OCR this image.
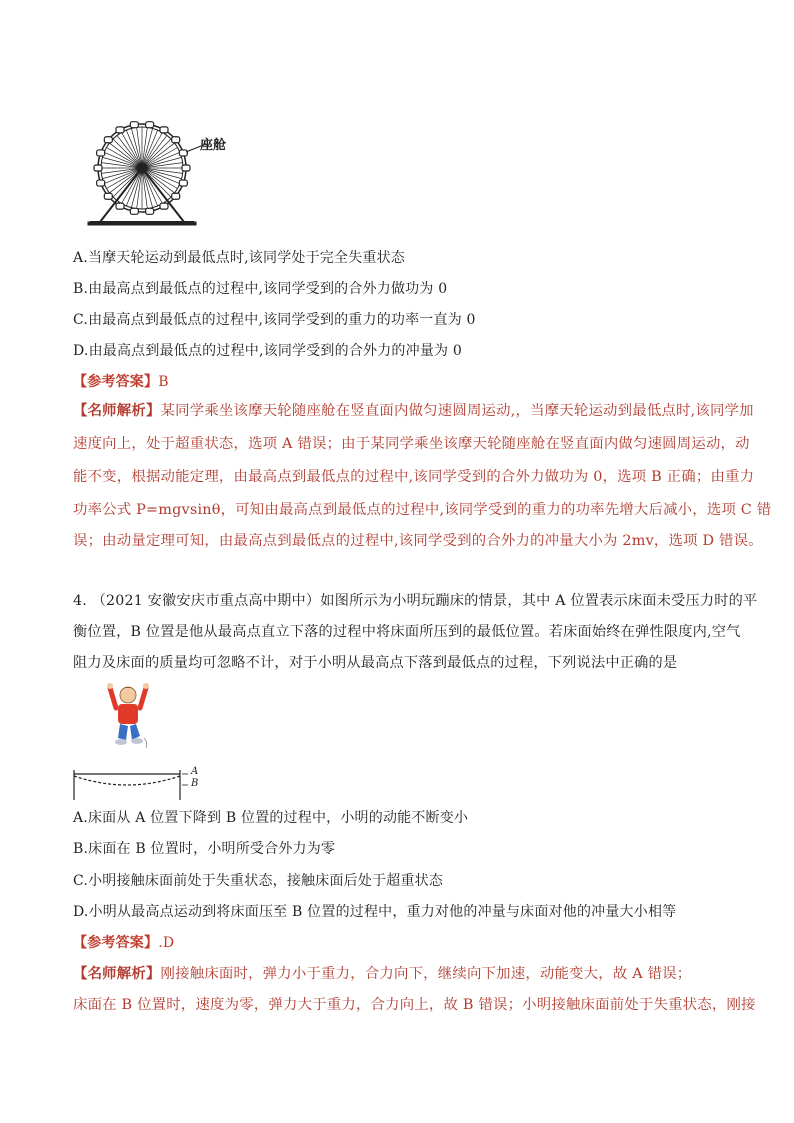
座舱
A.当摩天轮运动到最低点时,该同学处于完全失重状态
B.由最高点到最低点的过程中,该同学受到的合外力做功为 0
C.由最高点到最低点的过程中,该同学受到的重力的功率一直为 0
D.由最高点到最低点的过程中,该同学受到的合外力的冲量为 0
【参考答案】B
【名师解析】某同学乘坐该摩天轮随座舱在竖直面内做匀速圆周运动,，当摩天轮运动到最低点时,该同学加
速度向上，处于超重状态，选项 A 错误；由于某同学乘坐该摩天轮随座舱在竖直面内做匀速圆周运动，动
能不变，根据动能定理，由最高点到最低点的过程中,该同学受到的合外力做功为 0，选项 B 正确；由重力
功率公式 P=mgvsinθ，可知由最高点到最低点的过程中,该同学受到的重力的功率先增大后减小，选项 C 错
误；由动量定理可知，由最高点到最低点的过程中,该同学受到的合外力的冲量大小为 2mv，选项 D 错误。
4. （2021 安徽安庆市重点高中期中）如图所示为小明玩蹦床的情景，其中 A 位置表示床面未受压力时的平
衡位置，B 位置是他从最高点直立下落的过程中将床面所压到的最低位置。若床面始终在弹性限度内,空气
阻力及床面的质量均可忽略不计，对于小明从最高点下落到最低点的过程，下列说法中正确的是
A
B
A.床面从 A 位置下降到 B 位置的过程中，小明的动能不断变小
B.床面在 B 位置时，小明所受合外力为零
C.小明接触床面前处于失重状态，接触床面后处于超重状态
D.小明从最高点运动到将床面压至 B 位置的过程中，重力对他的冲量与床面对他的冲量大小相等
【参考答案】.D
【名师解析】刚接触床面时，弹力小于重力，合力向下，继续向下加速，动能变大，故 A 错误；
床面在 B 位置时，速度为零，弹力大于重力，合力向上，故 B 错误；小明接触床面前处于失重状态，刚接
